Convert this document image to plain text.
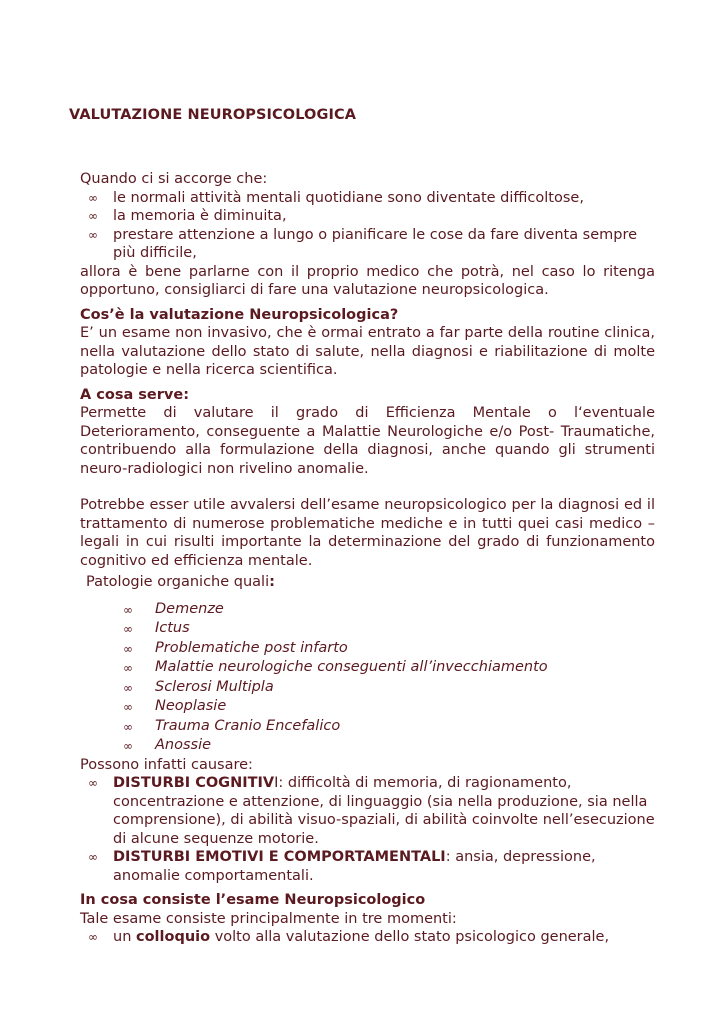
VALUTAZIONE NEUROPSICOLOGICA

Quando ci si accorge che:

∞ le normali attività mentali quotidiane sono diventate difficoltose,
∞ la memoria è diminuita,
∞ prestare attenzione a lungo o pianificare le cose da fare diventa sempre più difficile,

allora è bene parlarne con il proprio medico che potrà, nel caso lo ritenga opportuno, consigliarci di fare una valutazione neuropsicologica.

Cos’è la valutazione Neuropsicologica?

E’ un esame non invasivo, che è ormai entrato a far parte della routine clinica, nella valutazione dello stato di salute, nella diagnosi e riabilitazione di molte patologie e nella ricerca scientifica.

A cosa serve:

Permette di valutare il grado di Efficienza Mentale o l‘eventuale Deterioramento, conseguente a Malattie Neurologiche e/o Post- Traumatiche, contribuendo alla formulazione della diagnosi, anche quando gli strumenti neuro-radiologici non rivelino anomalie.

Potrebbe esser utile avvalersi dell’esame neuropsicologico per la diagnosi ed il trattamento di numerose problematiche mediche e in tutti quei casi medico – legali in cui risulti importante la determinazione del grado di funzionamento cognitivo ed efficienza mentale.

Patologie organiche quali:

∞ Demenze
∞ Ictus
∞ Problematiche post infarto
∞ Malattie neurologiche conseguenti all’invecchiamento
∞ Sclerosi Multipla
∞ Neoplasie
∞ Trauma Cranio Encefalico
∞ Anossie

Possono infatti causare:

∞ DISTURBI COGNITIVI: difficoltà di memoria, di ragionamento, concentrazione e attenzione, di linguaggio (sia nella produzione, sia nella comprensione), di abilità visuo-spaziali, di abilità coinvolte nell’esecuzione di alcune sequenze motorie.
∞ DISTURBI EMOTIVI E COMPORTAMENTALI: ansia, depressione, anomalie comportamentali.

In cosa consiste l’esame Neuropsicologico

Tale esame consiste principalmente in tre momenti:

∞ un colloquio volto alla valutazione dello stato psicologico generale,
